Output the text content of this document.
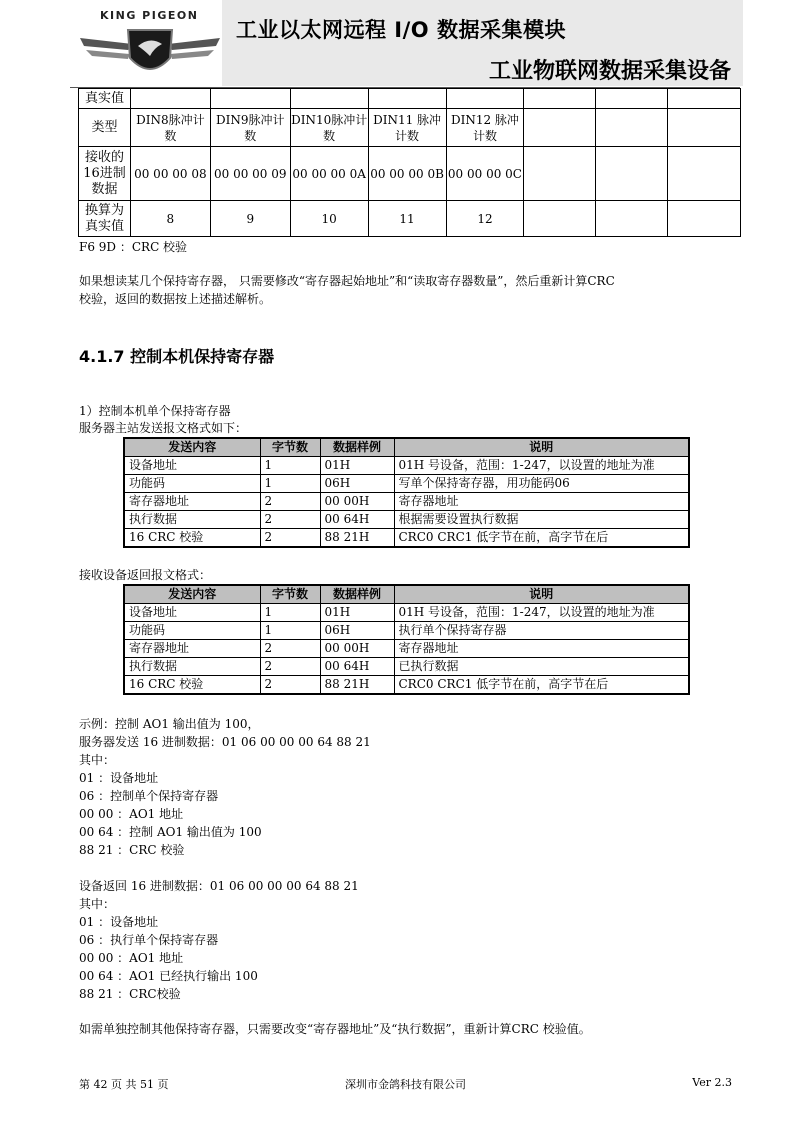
KING PIGEON
工业以太网远程 I/O 数据采集模块
工业物联网数据采集设备
真实值								
类型	DIN8脉冲计数	DIN9脉冲计数	DIN10脉冲计数	DIN11 脉冲计数	DIN12 脉冲计数			
接收的16进制数据	00 00 00 08	00 00 00 09	00 00 00 0A	00 00 00 0B	00 00 00 0C			
换算为真实值	8	9	10	11	12			
F6 9D ：CRC 校验
如果想读某几个保持寄存器， 只需要修改“寄存器起始地址”和“读取寄存器数量”，然后重新计算CRC
校验，返回的数据按上述描述解析。
4.1.7 控制本机保持寄存器
1）控制本机单个保持寄存器
服务器主站发送报文格式如下：
发送内容	字节数	数据样例	说明
设备地址	1	01H	01H 号设备，范围：1-247，以设置的地址为准
功能码	1	06H	写单个保持寄存器，用功能码06
寄存器地址	2	00 00H	寄存器地址
执行数据	2	00 64H	根据需要设置执行数据
16 CRC 校验	2	88 21H	CRC0 CRC1 低字节在前，高字节在后
接收设备返回报文格式：
发送内容	字节数	数据样例	说明
设备地址	1	01H	01H 号设备，范围：1-247，以设置的地址为准
功能码	1	06H	执行单个保持寄存器
寄存器地址	2	00 00H	寄存器地址
执行数据	2	00 64H	已执行数据
16 CRC 校验	2	88 21H	CRC0 CRC1 低字节在前，高字节在后
示例：控制 AO1 输出值为 100，
服务器发送 16 进制数据：01 06 00 00 00 64 88 21
其中：
01 ：设备地址
06 ：控制单个保持寄存器
00 00 ：AO1 地址
00 64 ：控制 AO1 输出值为 100
88 21 ：CRC 校验
设备返回 16 进制数据：01 06 00 00 00 64 88 21
其中：
01 ：设备地址
06 ：执行单个保持寄存器
00 00 ：AO1 地址
00 64 ：AO1 已经执行输出 100
88 21 ：CRC校验
如需单独控制其他保持寄存器，只需要改变“寄存器地址”及“执行数据”，重新计算CRC 校验值。
第 42 页 共 51 页	深圳市金鸽科技有限公司	Ver 2.3
